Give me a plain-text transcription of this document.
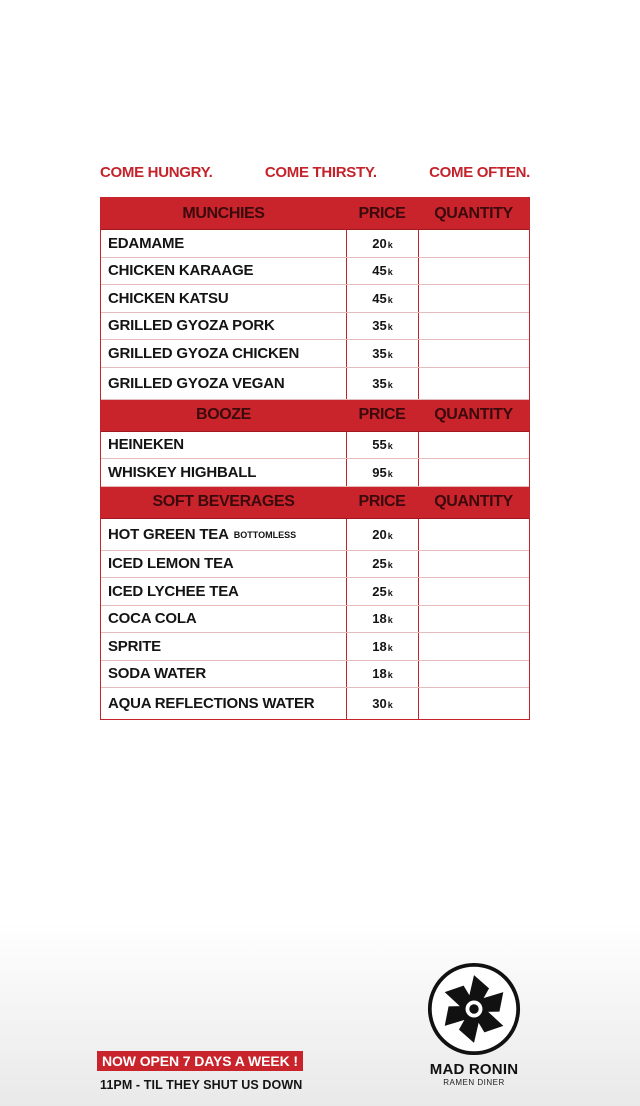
COME HUNGRY.	COME THIRSTY.	COME OFTEN.
MUNCHIES	PRICE	QUANTITY
EDAMAME	20 k
CHICKEN KARAAGE	45 k
CHICKEN KATSU	45 k
GRILLED GYOZA PORK	35 k
GRILLED GYOZA CHICKEN	35 k
GRILLED GYOZA VEGAN	35 k
BOOZE	PRICE	QUANTITY
HEINEKEN	55 k
WHISKEY HIGHBALL	95 k
SOFT BEVERAGES	PRICE	QUANTITY
HOT GREEN TEA BOTTOMLESS	20 k
ICED LEMON TEA	25 k
ICED LYCHEE TEA	25 k
COCA COLA	18 k
SPRITE	18 k
SODA WATER	18 k
AQUA REFLECTIONS WATER	30 k
NOW OPEN 7 DAYS A WEEK !
11PM - TIL THEY SHUT US DOWN
MAD RONIN
RAMEN DINER
